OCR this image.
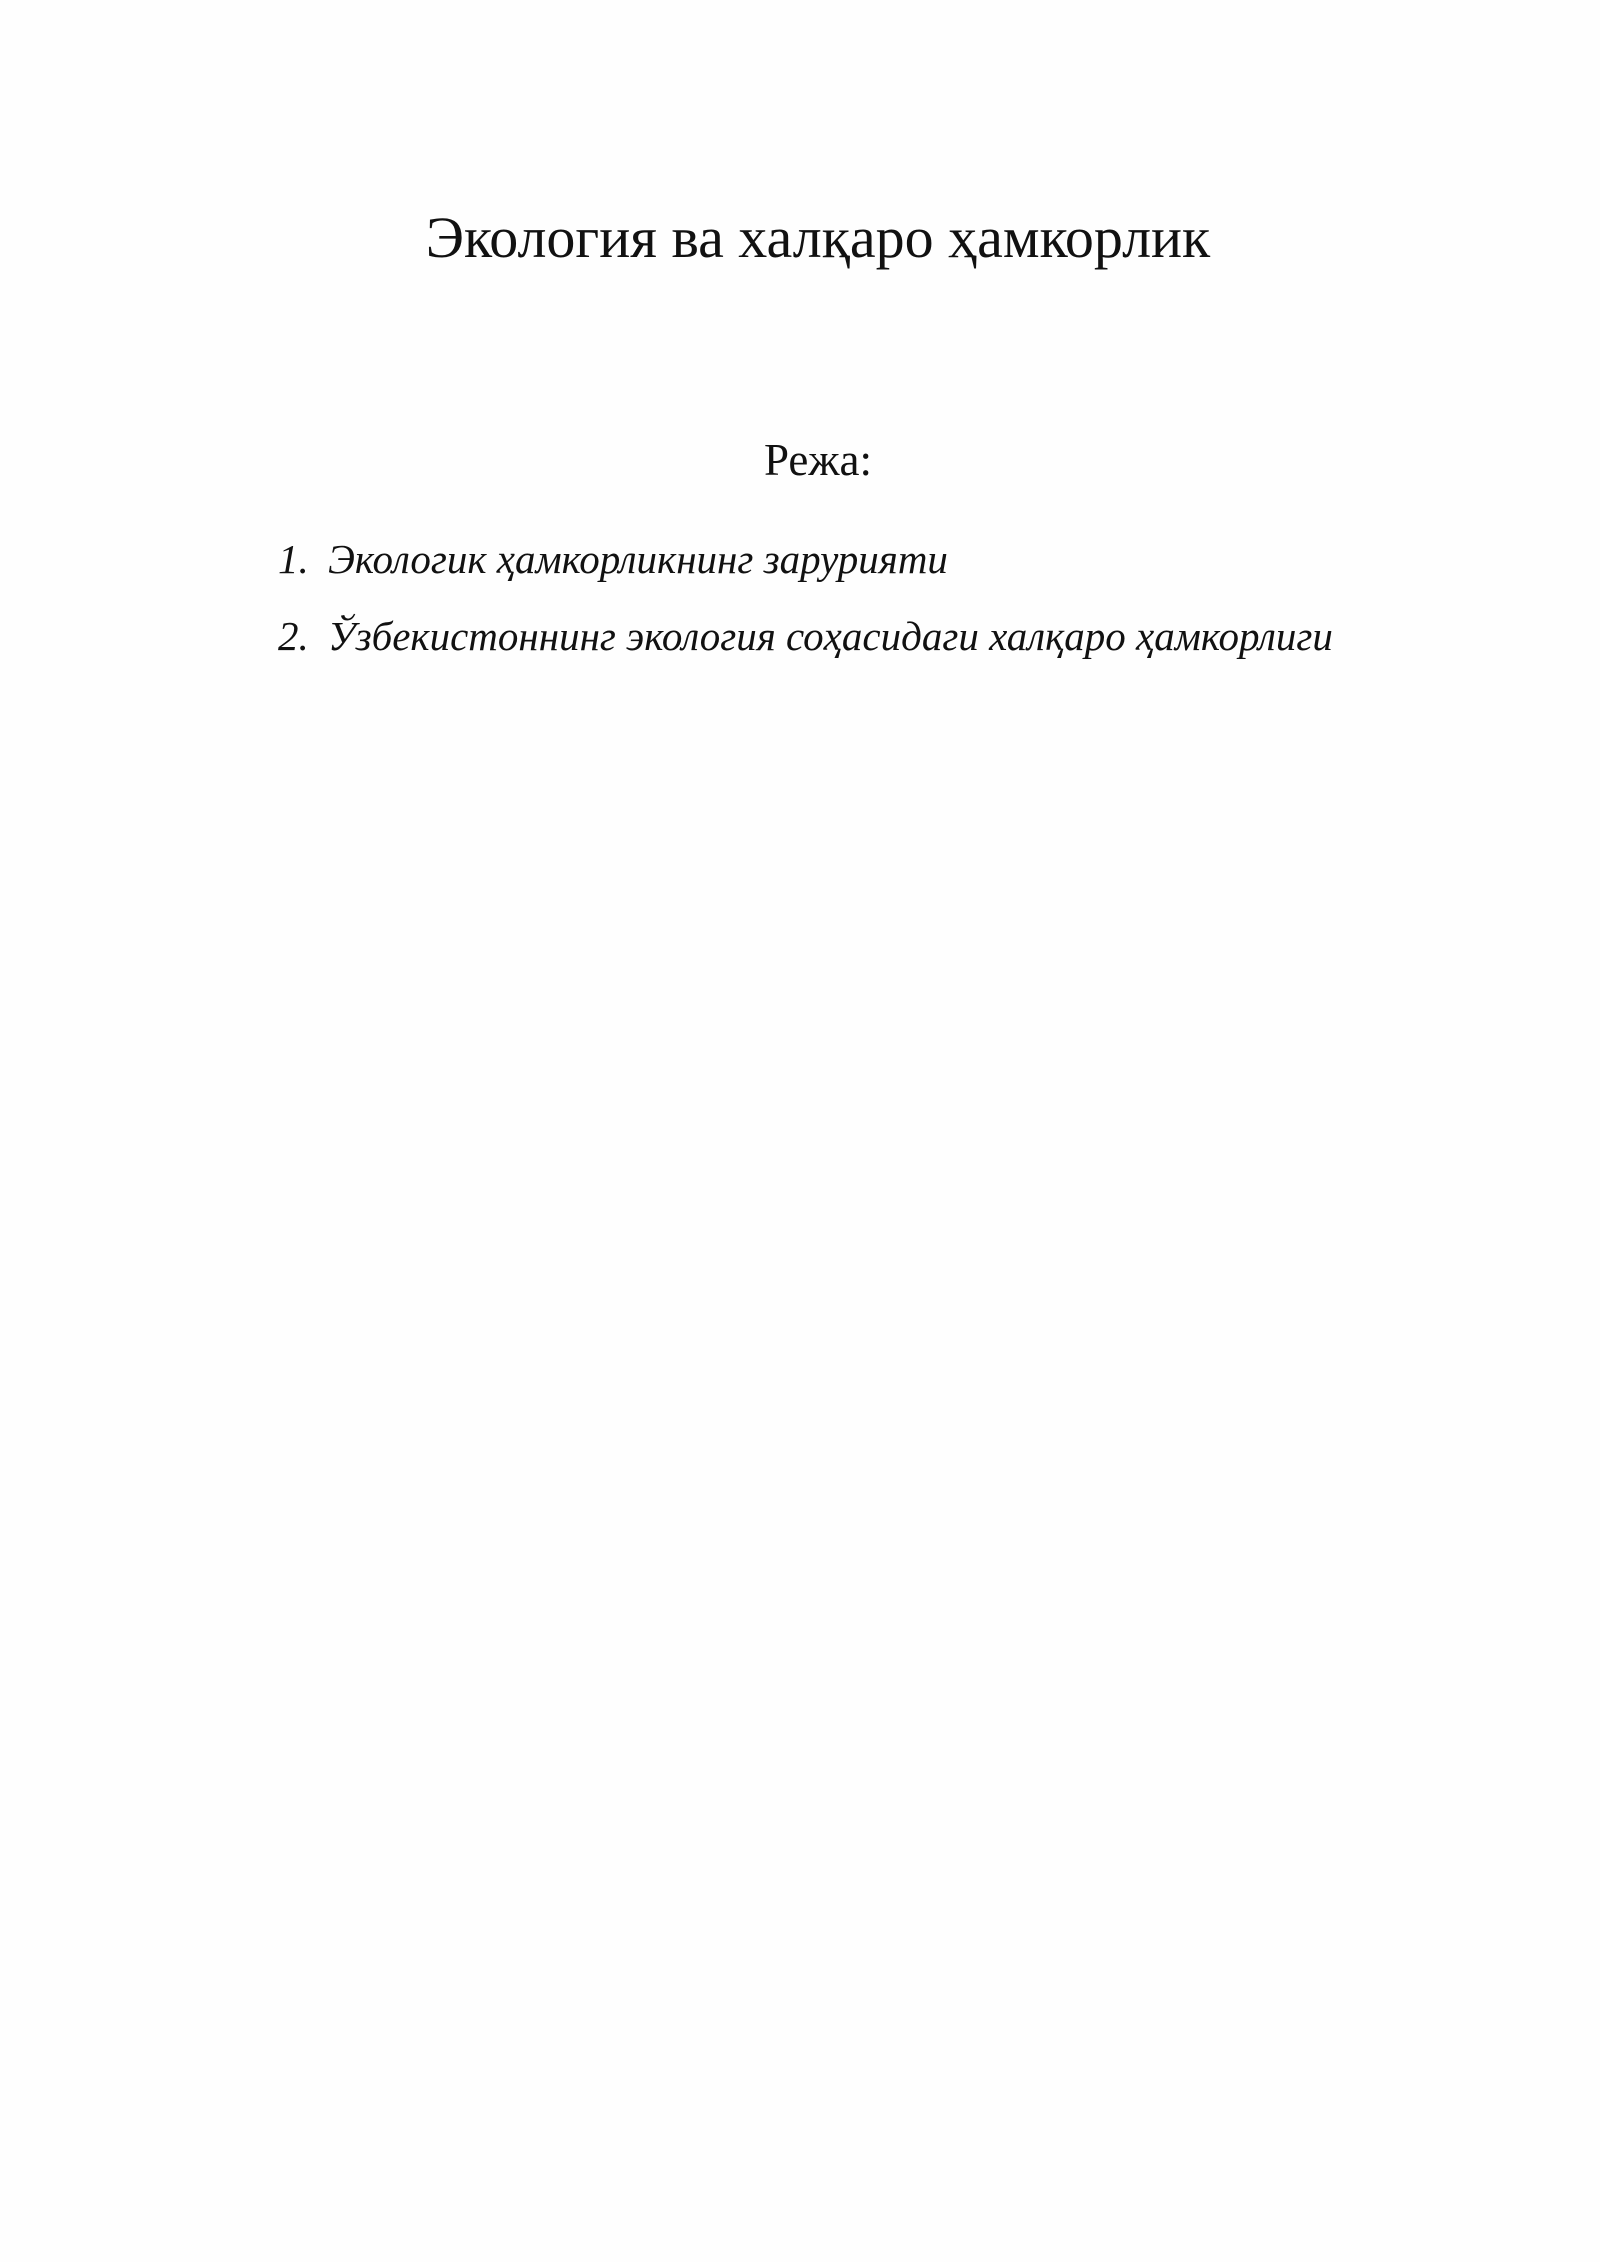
Экология ва халқаро ҳамкорлик

Режа:

1. Экологик ҳамкорликнинг зарурияти
2. Ўзбекистоннинг экология соҳасидаги халқаро ҳамкорлиги
